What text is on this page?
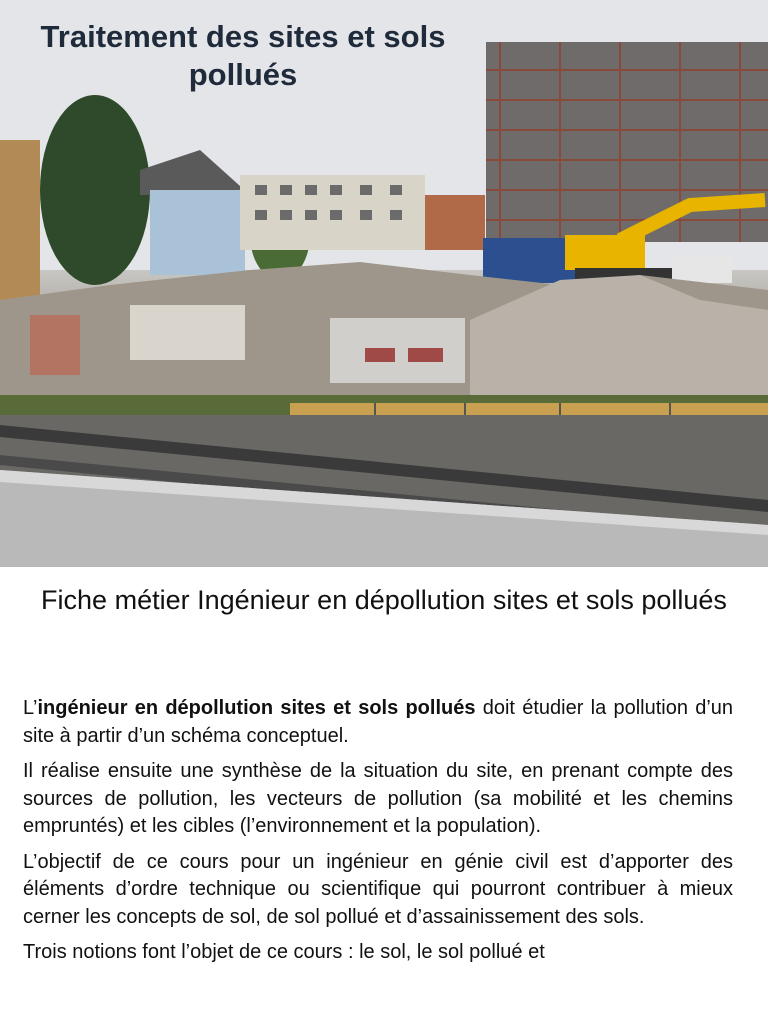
Traitement des sites et sols pollués
Fiche métier Ingénieur en dépollution sites et sols pollués

L’ingénieur en dépollution sites et sols pollués doit étudier la pollution d’un site à partir d’un schéma conceptuel.

Il réalise ensuite une synthèse de la situation du site, en prenant compte des sources de pollution, les vecteurs de pollution (sa mobilité et les chemins empruntés) et les cibles (l’environnement et la population).

L’objectif de ce cours pour un ingénieur en génie civil est d’apporter des éléments d’ordre technique ou scientifique qui pourront contribuer à mieux cerner les concepts de sol, de sol pollué et d’assainissement des sols.

Trois notions font l’objet de ce cours : le sol, le sol pollué et
